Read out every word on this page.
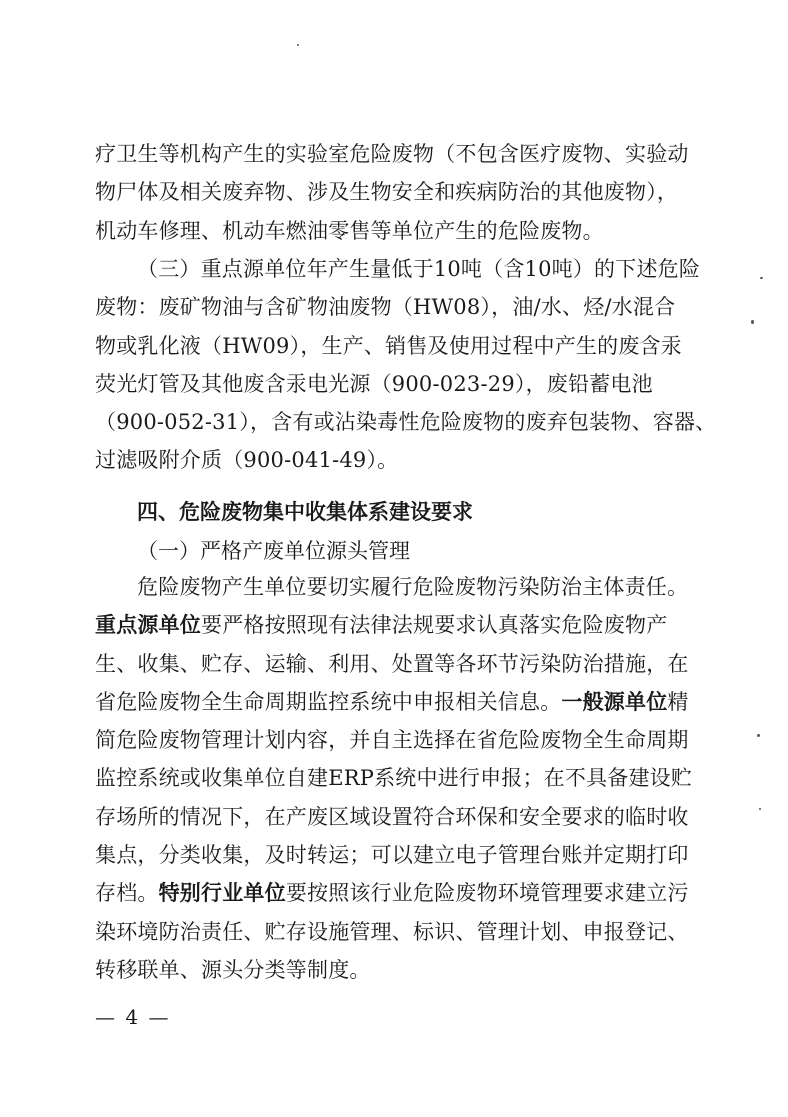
疗卫生等机构产生的实验室危险废物（不包含医疗废物、实验动
物尸体及相关废弃物、涉及生物安全和疾病防治的其他废物），
机动车修理、机动车燃油零售等单位产生的危险废物。
（三）重点源单位年产生量低于10吨（含10吨）的下述危险
废物：废矿物油与含矿物油废物（HW08），油/水、烃/水混合
物或乳化液（HW09），生产、销售及使用过程中产生的废含汞
荧光灯管及其他废含汞电光源（900-023-29），废铅蓄电池
（900-052-31），含有或沾染毒性危险废物的废弃包装物、容器、
过滤吸附介质（900-041-49）。
四、危险废物集中收集体系建设要求
（一）严格产废单位源头管理
危险废物产生单位要切实履行危险废物污染防治主体责任。
重点源单位要严格按照现有法律法规要求认真落实危险废物产
生、收集、贮存、运输、利用、处置等各环节污染防治措施，在
省危险废物全生命周期监控系统中申报相关信息。一般源单位精
简危险废物管理计划内容，并自主选择在省危险废物全生命周期
监控系统或收集单位自建ERP系统中进行申报；在不具备建设贮
存场所的情况下，在产废区域设置符合环保和安全要求的临时收
集点，分类收集，及时转运；可以建立电子管理台账并定期打印
存档。特别行业单位要按照该行业危险废物环境管理要求建立污
染环境防治责任、贮存设施管理、标识、管理计划、申报登记、
转移联单、源头分类等制度。
— 4 —
